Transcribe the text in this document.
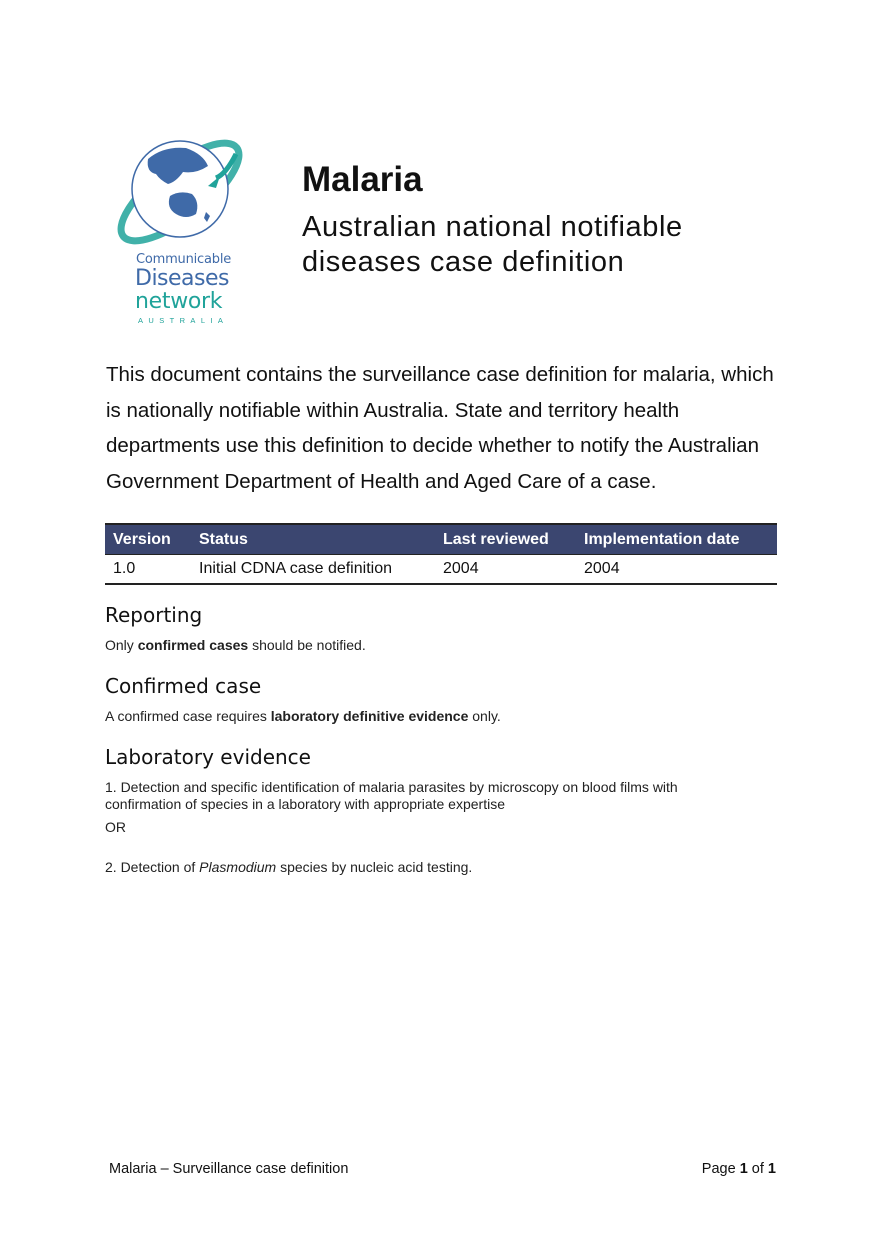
Communicable
Diseases
network
AUSTRALIA
Malaria
Australian national notifiable
diseases case definition

This document contains the surveillance case definition for malaria, which is nationally notifiable within Australia. State and territory health departments use this definition to decide whether to notify the Australian Government Department of Health and Aged Care of a case.

Version	Status	Last reviewed	Implementation date
1.0	Initial CDNA case definition	2004	2004
Reporting

Only confirmed cases should be notified.

Confirmed case

A confirmed case requires laboratory definitive evidence only.

Laboratory evidence

1. Detection and specific identification of malaria parasites by microscopy on blood films with confirmation of species in a laboratory with appropriate expertise

OR

2. Detection of Plasmodium species by nucleic acid testing.

Malaria – Surveillance case definition	Page 1 of 1
